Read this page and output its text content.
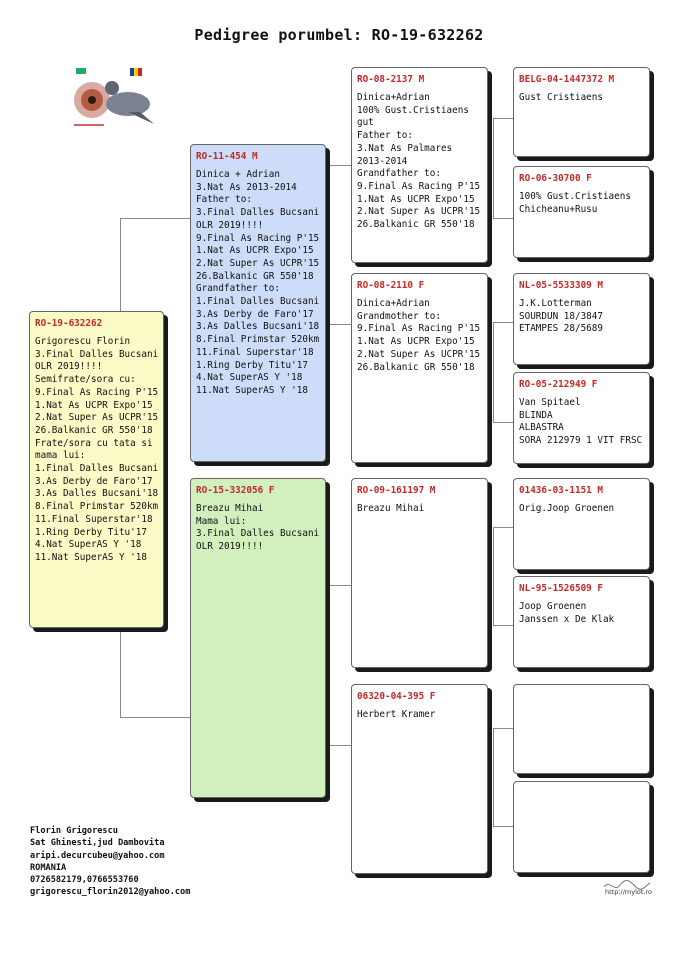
Pedigree porumbel: RO-19-632262
RO-19-632262
Grigorescu Florin
3.Final Dalles Bucsani
OLR 2019!!!!
Semifrate/sora cu:
9.Final As Racing P'15
1.Nat As UCPR Expo'15
2.Nat Super As UCPR'15
26.Balkanic GR 550'18
Frate/sora cu tata si
mama lui:
1.Final Dalles Bucsani
3.As Derby de Faro'17
3.As Dalles Bucsani'18
8.Final Primstar 520km
11.Final Superstar'18
1.Ring Derby Titu'17
4.Nat SuperAS Y '18
11.Nat SuperAS Y '18
RO-11-454 M
Dinica + Adrian
3.Nat As 2013-2014
Father to:
3.Final Dalles Bucsani
OLR 2019!!!!
9.Final As Racing P'15
1.Nat As UCPR Expo'15
2.Nat Super As UCPR'15
26.Balkanic GR 550'18
Grandfather to:
1.Final Dalles Bucsani
3.As Derby de Faro'17
3.As Dalles Bucsani'18
8.Final Primstar 520km
11.Final Superstar'18
1.Ring Derby Titu'17
4.Nat SuperAS Y '18
11.Nat SuperAS Y '18
RO-15-332056 F
Breazu Mihai
Mama lui:
3.Final Dalles Bucsani
OLR 2019!!!!
RO-08-2137 M
Dinica+Adrian
100% Gust.Cristiaens
gut
Father to:
3.Nat As Palmares
2013-2014
Grandfather to:
9.Final As Racing P'15
1.Nat As UCPR Expo'15
2.Nat Super As UCPR'15
26.Balkanic GR 550'18
RO-08-2110 F
Dinica+Adrian
Grandmother to:
9.Final As Racing P'15
1.Nat As UCPR Expo'15
2.Nat Super As UCPR'15
26.Balkanic GR 550'18
RO-09-161197 M
Breazu Mihai
06320-04-395 F
Herbert Kramer
BELG-04-1447372 M
Gust Cristiaens
RO-06-30700 F
100% Gust.Cristiaens
Chicheanu+Rusu
NL-05-5533309 M
J.K.Lotterman
SOURDUN 18/3847
ETAMPES 28/5689
RO-05-212949 F
Van Spitael
BLINDA
ALBASTRA
SORA 212979 1 VIT FRSC
01436-03-1151 M
Orig.Joop Groenen
NL-95-1526509 F
Joop Groenen
Janssen x De Klak
Florin Grigorescu
Sat Ghinesti,jud Dambovita
aripi.decurcubeu@yahoo.com
ROMANIA
0726582179,0766553760
grigorescu_florin2012@yahoo.com	http://mylot.ro
